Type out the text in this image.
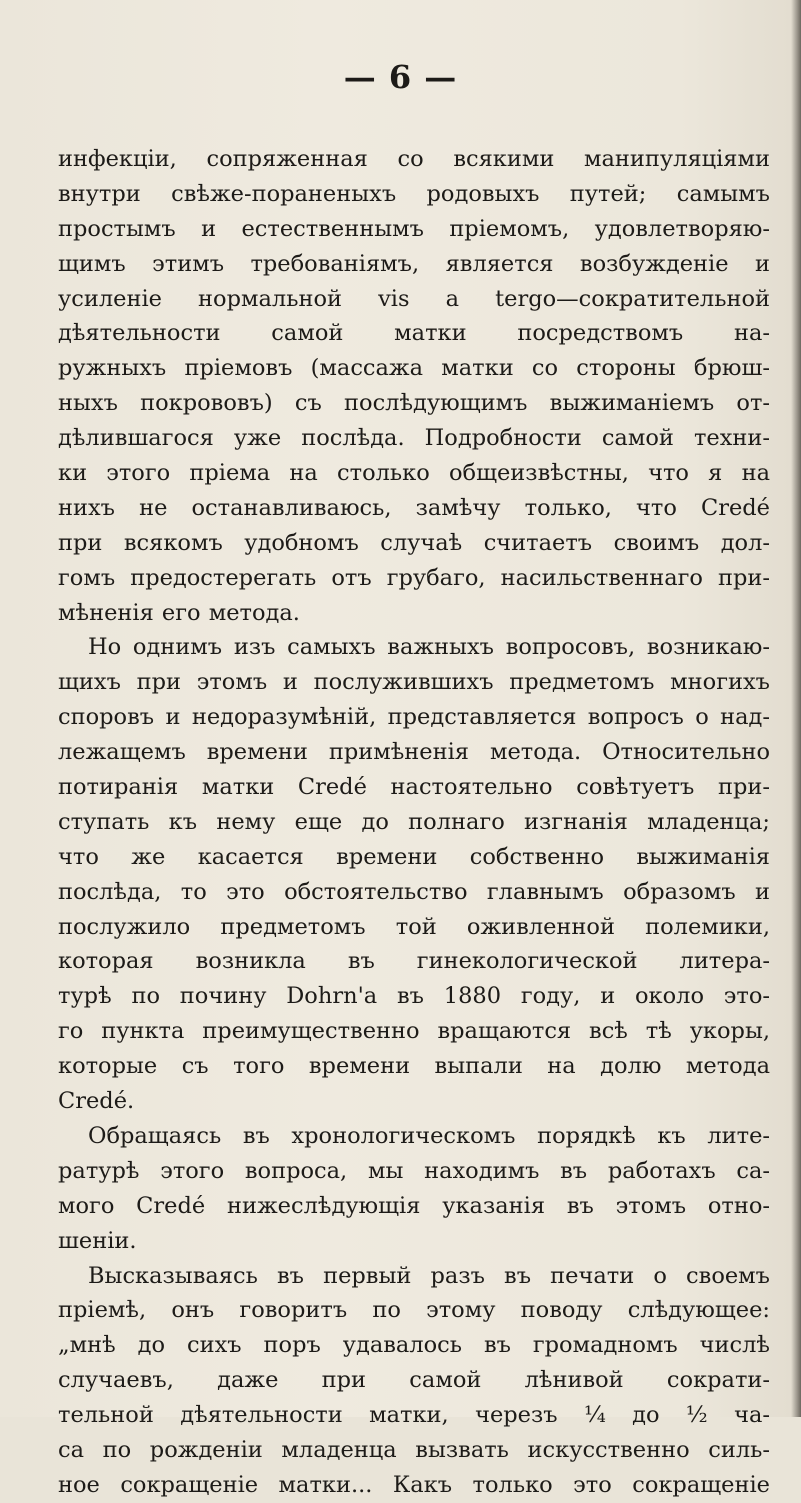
— 6 —
инфекціи, сопряженная со всякими манипуляціями
внутри свѣже-пораненыхъ родовыхъ путей; самымъ
простымъ и естественнымъ пріемомъ, удовлетворяю-
щимъ этимъ требованіямъ, является возбужденіе и
усиленіе нормальной vis a tergo—сократительной
дѣятельности самой матки посредствомъ на-
ружныхъ пріемовъ (массажа матки со стороны брюш-
ныхъ покрововъ) съ послѣдующимъ выжиманіемъ от-
дѣлившагося уже послѣда. Подробности самой техни-
ки этого пріема на столько общеизвѣстны, что я на
нихъ не останавливаюсь, замѣчу только, что Credé
при всякомъ удобномъ случаѣ считаетъ своимъ дол-
гомъ предостерегать отъ грубаго, насильственнаго при-
мѣненія его метода.
Но однимъ изъ самыхъ важныхъ вопросовъ, возникаю-
щихъ при этомъ и послужившихъ предметомъ многихъ
споровъ и недоразумѣній, представляется вопросъ о над-
лежащемъ времени примѣненія метода. Относительно
потиранія матки Credé настоятельно совѣтуетъ при-
ступать къ нему еще до полнаго изгнанія младенца;
что же касается времени собственно выжиманія
послѣда, то это обстоятельство главнымъ образомъ и
послужило предметомъ той оживленной полемики,
которая возникла въ гинекологической литера-
турѣ по почину Dohrn'а въ 1880 году, и около это-
го пункта преимущественно вращаются всѣ тѣ укоры,
которые съ того времени выпали на долю метода
Credé.
Обращаясь въ хронологическомъ порядкѣ къ лите-
ратурѣ этого вопроса, мы находимъ въ работахъ са-
мого Credé нижеслѣдующія указанія въ этомъ отно-
шеніи.
Высказываясь въ первый разъ въ печати о своемъ
пріемѣ, онъ говоритъ по этому поводу слѣдующее:
„мнѣ до сихъ поръ удавалось въ громадномъ числѣ
случаевъ, даже при самой лѣнивой сократи-
тельной дѣятельности матки, черезъ ¼ до ½ ча-
са по рожденіи младенца вызвать искусственно силь-
ное сокращеніе матки... Какъ только это сокращеніе
